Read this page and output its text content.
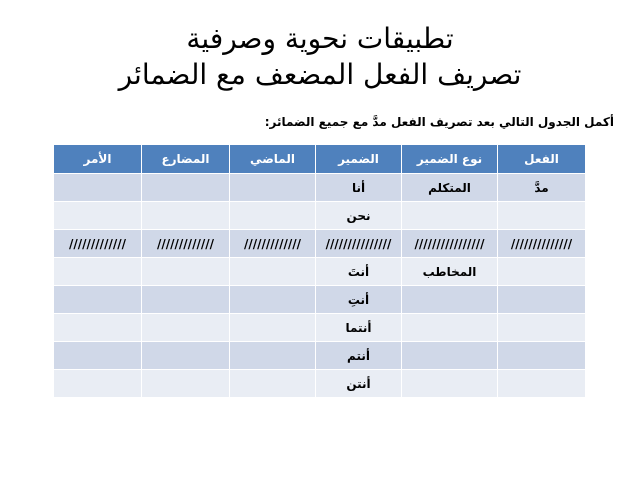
تطبيقات نحوية وصرفية
تصريف الفعل المضعف مع الضمائر
أكمل الجدول التالي بعد تصريف الفعل مدَّ مع جميع الضمائر:
الفعل	نوع الضمير	الضمير	الماضي	المضارع	الأمر
مدَّ	المتكلم	أنا			
		نحن			
//////////////	////////////////	///////////////	/////////////	/////////////	/////////////
	المخاطب	أنتَ			
		أنتِ			
		أنتما			
		أنتم			
		أنتن			
